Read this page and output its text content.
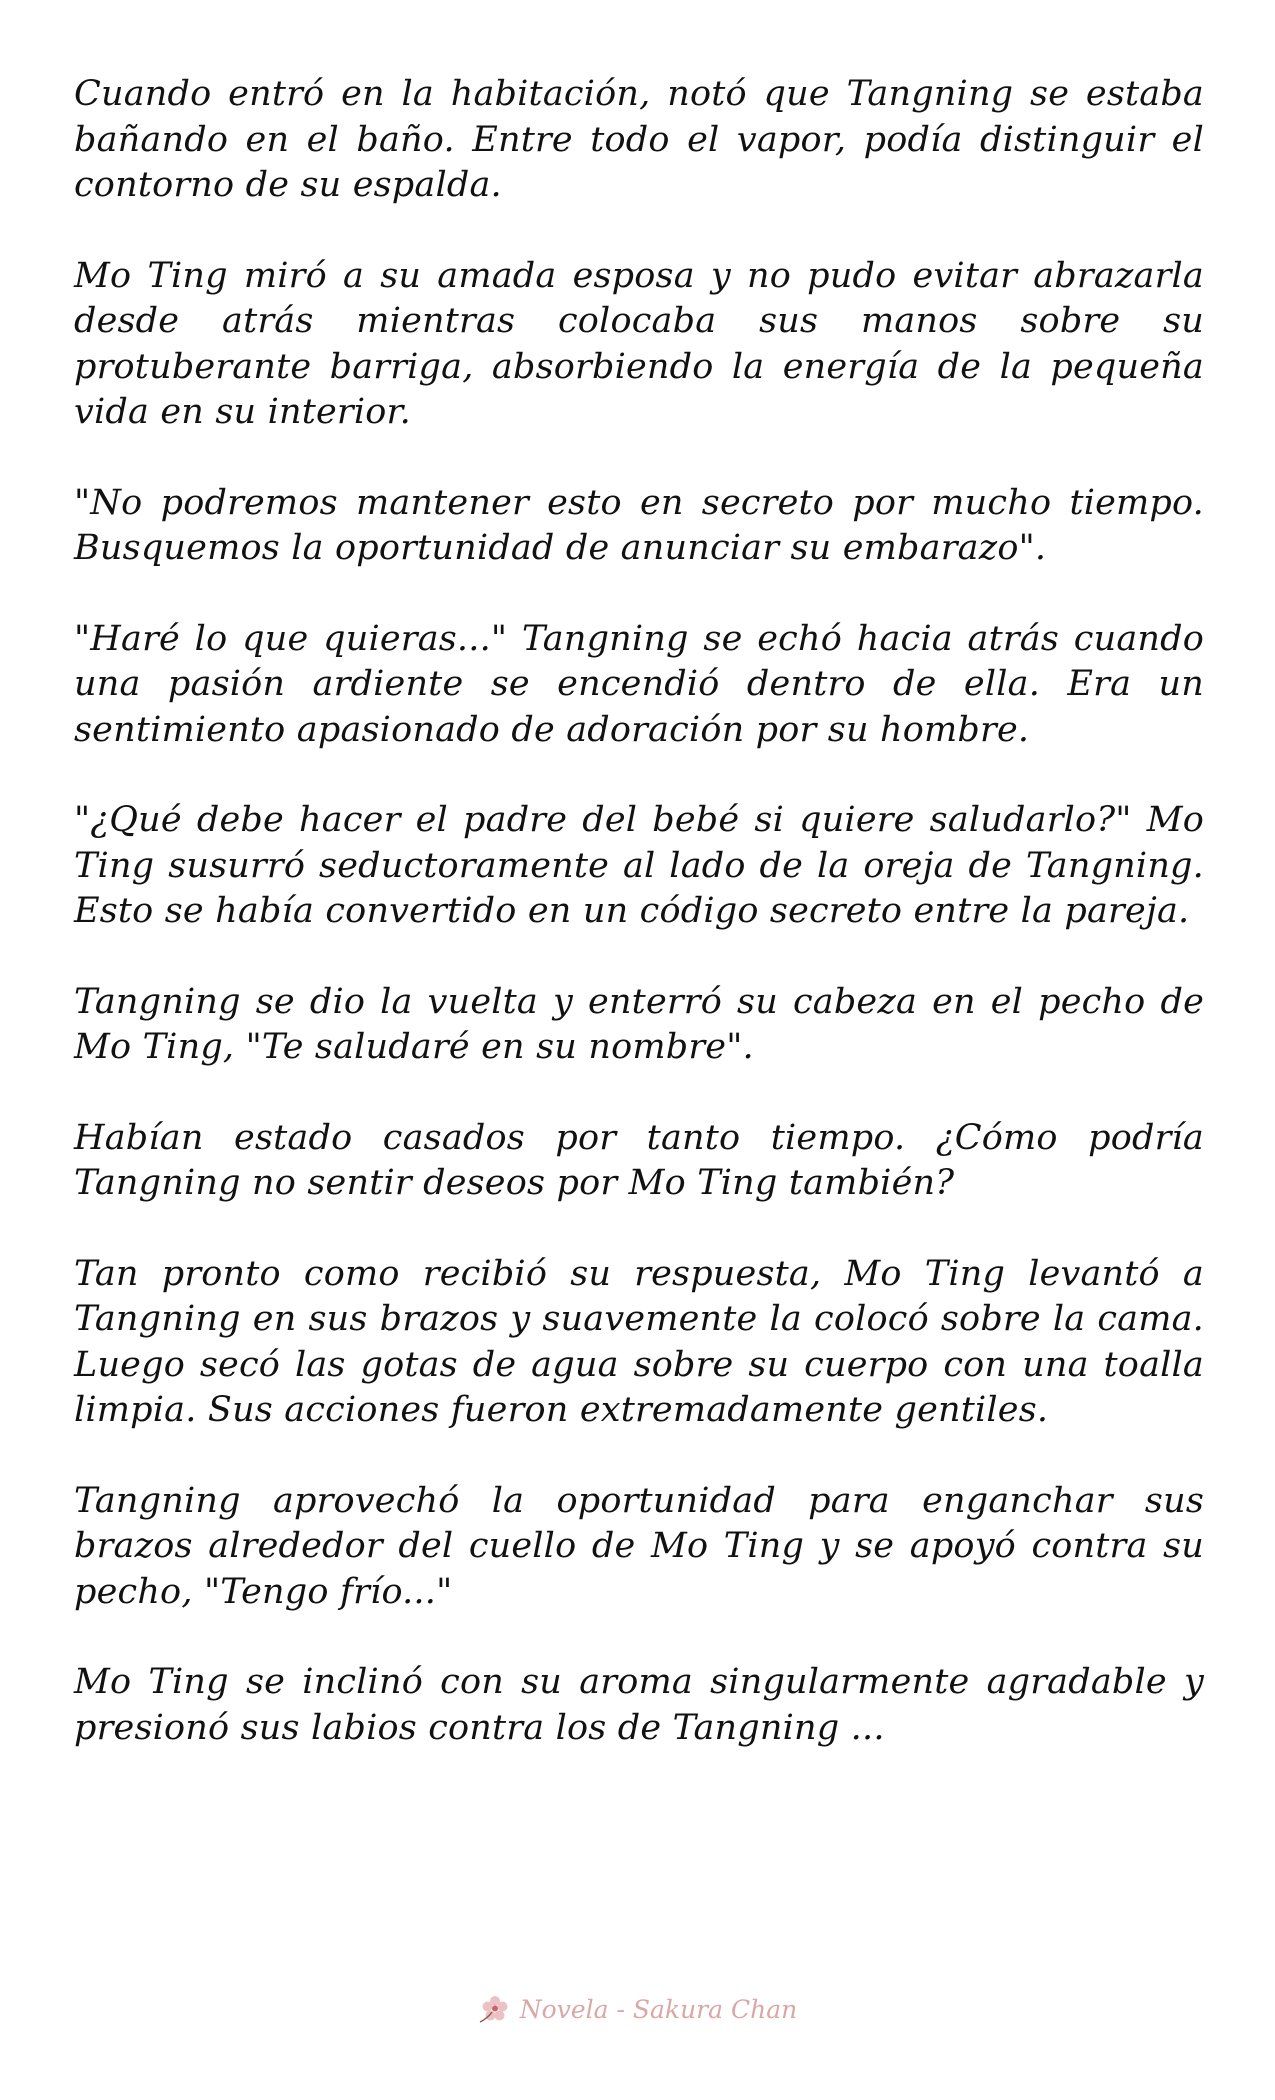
Cuando entró en la habitación, notó que Tangning se estaba bañando en el baño. Entre todo el vapor, podía distinguir el contorno de su espalda.

Mo Ting miró a su amada esposa y no pudo evitar abrazarla desde atrás mientras colocaba sus manos sobre su protuberante barriga, absorbiendo la energía de la pequeña vida en su interior.

"No podremos mantener esto en secreto por mucho tiempo. Busquemos la oportunidad de anunciar su embarazo".

"Haré lo que quieras..." Tangning se echó hacia atrás cuando una pasión ardiente se encendió dentro de ella. Era un sentimiento apasionado de adoración por su hombre.

"¿Qué debe hacer el padre del bebé si quiere saludarlo?" Mo Ting susurró seductoramente al lado de la oreja de Tangning. Esto se había convertido en un código secreto entre la pareja.

Tangning se dio la vuelta y enterró su cabeza en el pecho de Mo Ting, "Te saludaré en su nombre".

Habían estado casados por tanto tiempo. ¿Cómo podría Tangning no sentir deseos por Mo Ting también?

Tan pronto como recibió su respuesta, Mo Ting levantó a Tangning en sus brazos y suavemente la colocó sobre la cama. Luego secó las gotas de agua sobre su cuerpo con una toalla limpia. Sus acciones fueron extremadamente gentiles.

Tangning aprovechó la oportunidad para enganchar sus brazos alrededor del cuello de Mo Ting y se apoyó contra su pecho, "Tengo frío..."

Mo Ting se inclinó con su aroma singularmente agradable y presionó sus labios contra los de Tangning ...

Novela - Sakura Chan
